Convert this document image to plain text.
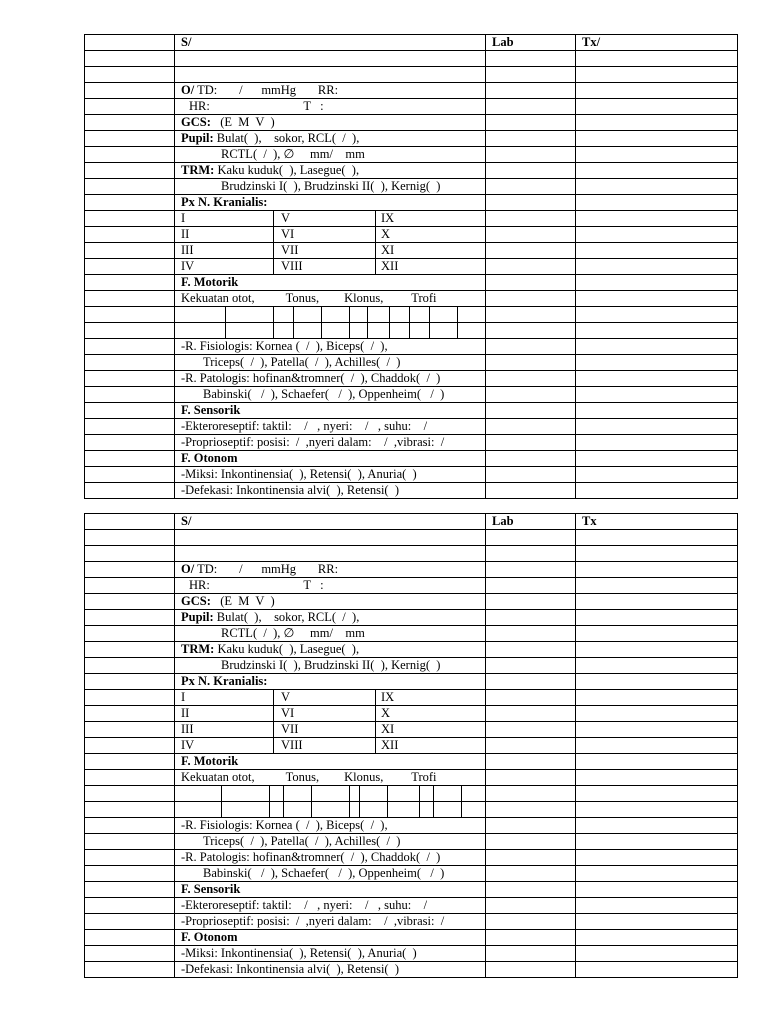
S/	Lab	Tx/
O/ TD:       /      mmHg       RR:
HR:                              T   :
GCS:   (E  M  V  )
Pupil: Bulat(  ),    sokor, RCL(  /  ),
RCTL(  /  ), ∅     mm/    mm
TRM: Kaku kuduk(  ), Lasegue(  ),
Brudzinski I(  ), Brudzinski II(  ), Kernig(  )
Px N. Kranialis:
I	V	IX
II	VI	X
III	VII	XI
IV	VIII	XII
F. Motorik
Kekuatan otot,          Tonus,        Klonus,         Trofi
-R. Fisiologis: Kornea (  /  ), Biceps(  /  ),
Triceps(  /  ), Patella(  /  ), Achilles(  /  )
-R. Patologis: hofinan&tromner(  /  ), Chaddok(  /  )
Babinski(   /  ), Schaefer(   /  ), Oppenheim(   /  )
F. Sensorik
-Ekteroreseptif: taktil:    /   , nyeri:    /   , suhu:    /
-Proprioseptif: posisi:  /  ,nyeri dalam:    /  ,vibrasi:  /
F. Otonom
-Miksi: Inkontinensia(  ), Retensi(  ), Anuria(  )
-Defekasi: Inkontinensia alvi(  ), Retensi(  )
S/	Lab	Tx
O/ TD:       /      mmHg       RR:
HR:                              T   :
GCS:   (E  M  V  )
Pupil: Bulat(  ),    sokor, RCL(  /  ),
RCTL(  /  ), ∅     mm/    mm
TRM: Kaku kuduk(  ), Lasegue(  ),
Brudzinski I(  ), Brudzinski II(  ), Kernig(  )
Px N. Kranialis:
I	V	IX
II	VI	X
III	VII	XI
IV	VIII	XII
F. Motorik
Kekuatan otot,          Tonus,        Klonus,         Trofi
-R. Fisiologis: Kornea (  /  ), Biceps(  /  ),
Triceps(  /  ), Patella(  /  ), Achilles(  /  )
-R. Patologis: hofinan&tromner(  /  ), Chaddok(  /  )
Babinski(   /  ), Schaefer(   /  ), Oppenheim(   /  )
F. Sensorik
-Ekteroreseptif: taktil:    /   , nyeri:    /   , suhu:    /
-Proprioseptif: posisi:  /  ,nyeri dalam:    /  ,vibrasi:  /
F. Otonom
-Miksi: Inkontinensia(  ), Retensi(  ), Anuria(  )
-Defekasi: Inkontinensia alvi(  ), Retensi(  )
